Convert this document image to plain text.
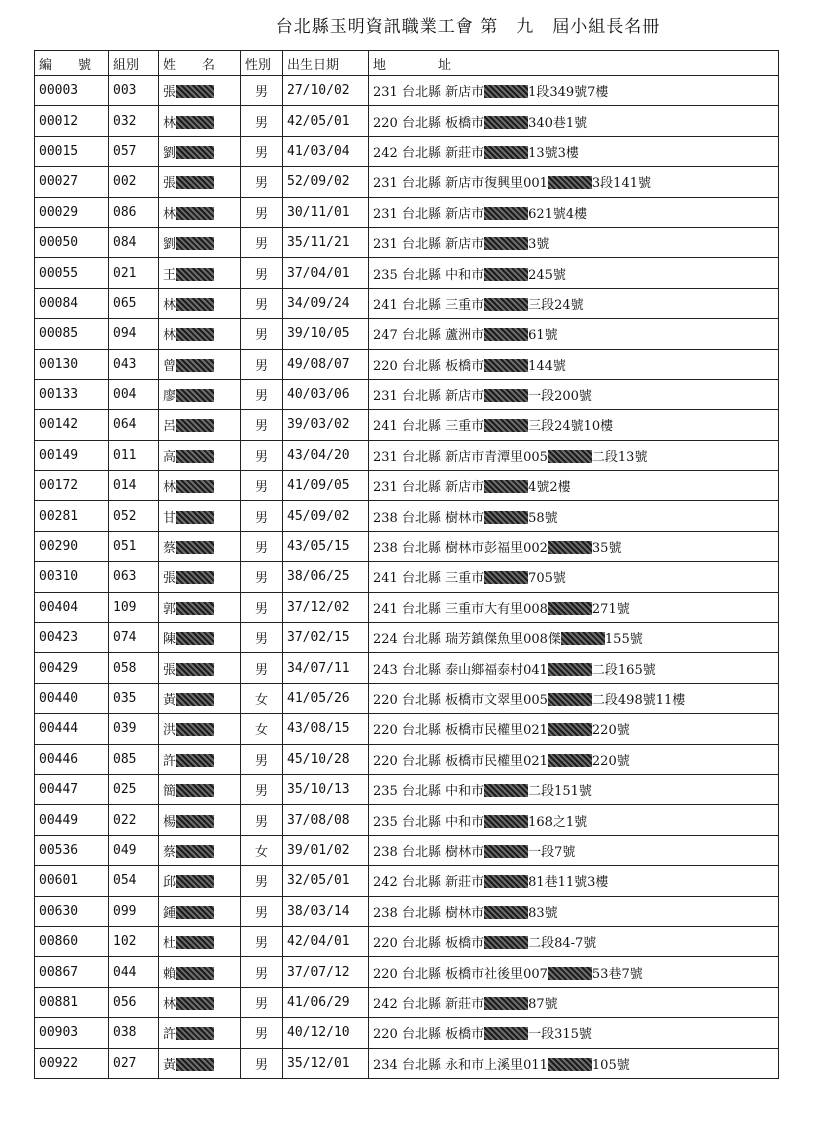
台北縣玉明資訊職業工會 第　九　屆小組長名冊
編　　號	組別	姓　　名	性別	出生日期	地　　　　址
00003	003	張	男	27/10/02	231 台北縣 新店市 1段349號7樓
00012	032	林	男	42/05/01	220 台北縣 板橋市 340巷1號
00015	057	劉	男	41/03/04	242 台北縣 新莊市 13號3樓
00027	002	張	男	52/09/02	231 台北縣 新店市復興里001 3段141號
00029	086	林	男	30/11/01	231 台北縣 新店市 621號4樓
00050	084	劉	男	35/11/21	231 台北縣 新店市 3號
00055	021	王	男	37/04/01	235 台北縣 中和市 245號
00084	065	林	男	34/09/24	241 台北縣 三重市 三段24號
00085	094	林	男	39/10/05	247 台北縣 蘆洲市 61號
00130	043	曾	男	49/08/07	220 台北縣 板橋市 144號
00133	004	廖	男	40/03/06	231 台北縣 新店市 一段200號
00142	064	呂	男	39/03/02	241 台北縣 三重市 三段24號10樓
00149	011	高	男	43/04/20	231 台北縣 新店市青潭里005 二段13號
00172	014	林	男	41/09/05	231 台北縣 新店市 4號2樓
00281	052	甘	男	45/09/02	238 台北縣 樹林市 58號
00290	051	蔡	男	43/05/15	238 台北縣 樹林市彭福里002 35號
00310	063	張	男	38/06/25	241 台北縣 三重市 705號
00404	109	郭	男	37/12/02	241 台北縣 三重市大有里008 271號
00423	074	陳	男	37/02/15	224 台北縣 瑞芳鎮傑魚里008傑 155號
00429	058	張	男	34/07/11	243 台北縣 泰山鄉福泰村041 二段165號
00440	035	黃	女	41/05/26	220 台北縣 板橋市文翠里005 二段498號11樓
00444	039	洪	女	43/08/15	220 台北縣 板橋市民權里021 220號
00446	085	許	男	45/10/28	220 台北縣 板橋市民權里021 220號
00447	025	簡	男	35/10/13	235 台北縣 中和市 二段151號
00449	022	楊	男	37/08/08	235 台北縣 中和市 168之1號
00536	049	蔡	女	39/01/02	238 台北縣 樹林市 一段7號
00601	054	邱	男	32/05/01	242 台北縣 新莊市 81巷11號3樓
00630	099	鍾	男	38/03/14	238 台北縣 樹林市 83號
00860	102	杜	男	42/04/01	220 台北縣 板橋市 二段84-7號
00867	044	賴	男	37/07/12	220 台北縣 板橋市社後里007 53巷7號
00881	056	林	男	41/06/29	242 台北縣 新莊市 87號
00903	038	許	男	40/12/10	220 台北縣 板橋市 一段315號
00922	027	黃	男	35/12/01	234 台北縣 永和市上溪里011 105號
